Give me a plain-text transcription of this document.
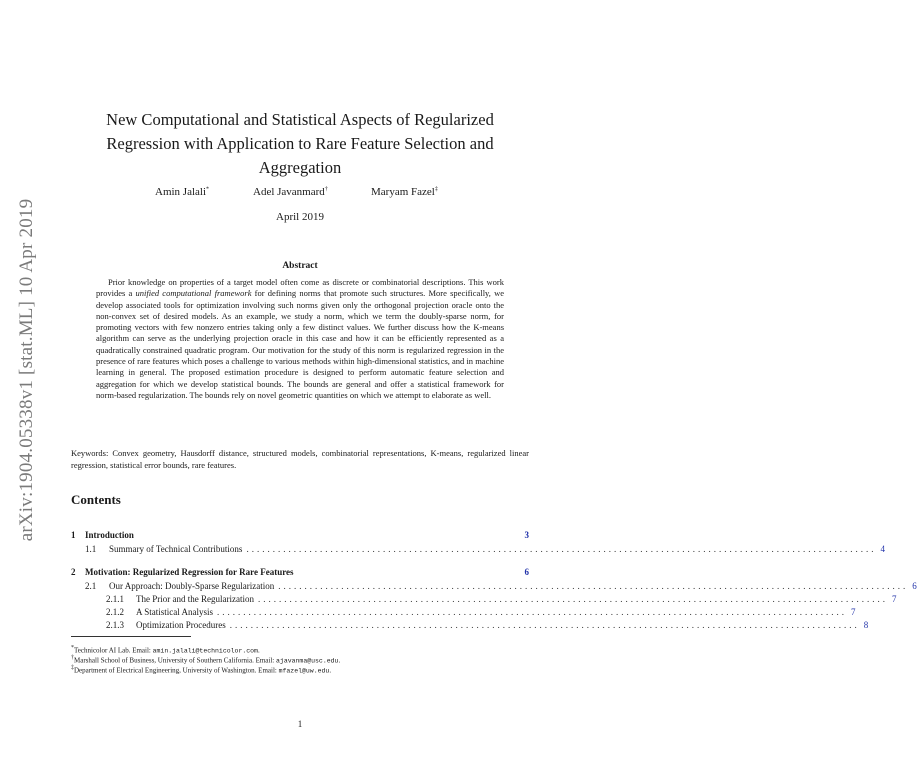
arXiv:1904.05338v1 [stat.ML] 10 Apr 2019
New Computational and Statistical Aspects of Regularized
Regression with Application to Rare Feature Selection and
Aggregation
Amin Jalali*	Adel Javanmard†	Maryam Fazel‡
April 2019
Abstract

Prior knowledge on properties of a target model often come as discrete or combinatorial descriptions. This work provides a unified computational framework for defining norms that promote such structures. More specifically, we develop associated tools for optimization involving such norms given only the orthogonal projection oracle onto the non-convex set of desired models. As an example, we study a norm, which we term the doubly-sparse norm, for promoting vectors with few nonzero entries taking only a few distinct values. We further discuss how the K-means algorithm can serve as the underlying projection oracle in this case and how it can be efficiently represented as a quadratically constrained quadratic program. Our motivation for the study of this norm is regularized regression in the presence of rare features which poses a challenge to various methods within high-dimensional statistics, and in machine learning in general. The proposed estimation procedure is designed to perform automatic feature selection and aggregation for which we develop statistical bounds. The bounds are general and offer a statistical framework for norm-based regularization. The bounds rely on novel geometric quantities on which we attempt to elaborate as well.

Keywords: Convex geometry, Hausdorff distance, structured models, combinatorial representations, K-means, regularized linear regression, statistical error bounds, rare features.
Contents
1	Introduction	3
1.1	Summary of Technical Contributions ........................................................................................................................ 4
2	Motivation: Regularized Regression for Rare Features	6
2.1	Our Approach: Doubly-Sparse Regularization ........................................................................................................................ 6
2.1.1	The Prior and the Regularization ........................................................................................................................ 7
2.1.2	A Statistical Analysis ........................................................................................................................ 7
2.1.3	Optimization Procedures ........................................................................................................................ 8
*Technicolor AI Lab. Email: amin.jalali@technicolor.com.
†Marshall School of Business, University of Southern California. Email: ajavanma@usc.edu.
‡Department of Electrical Engineering, University of Washington. Email: mfazel@uw.edu.
1
